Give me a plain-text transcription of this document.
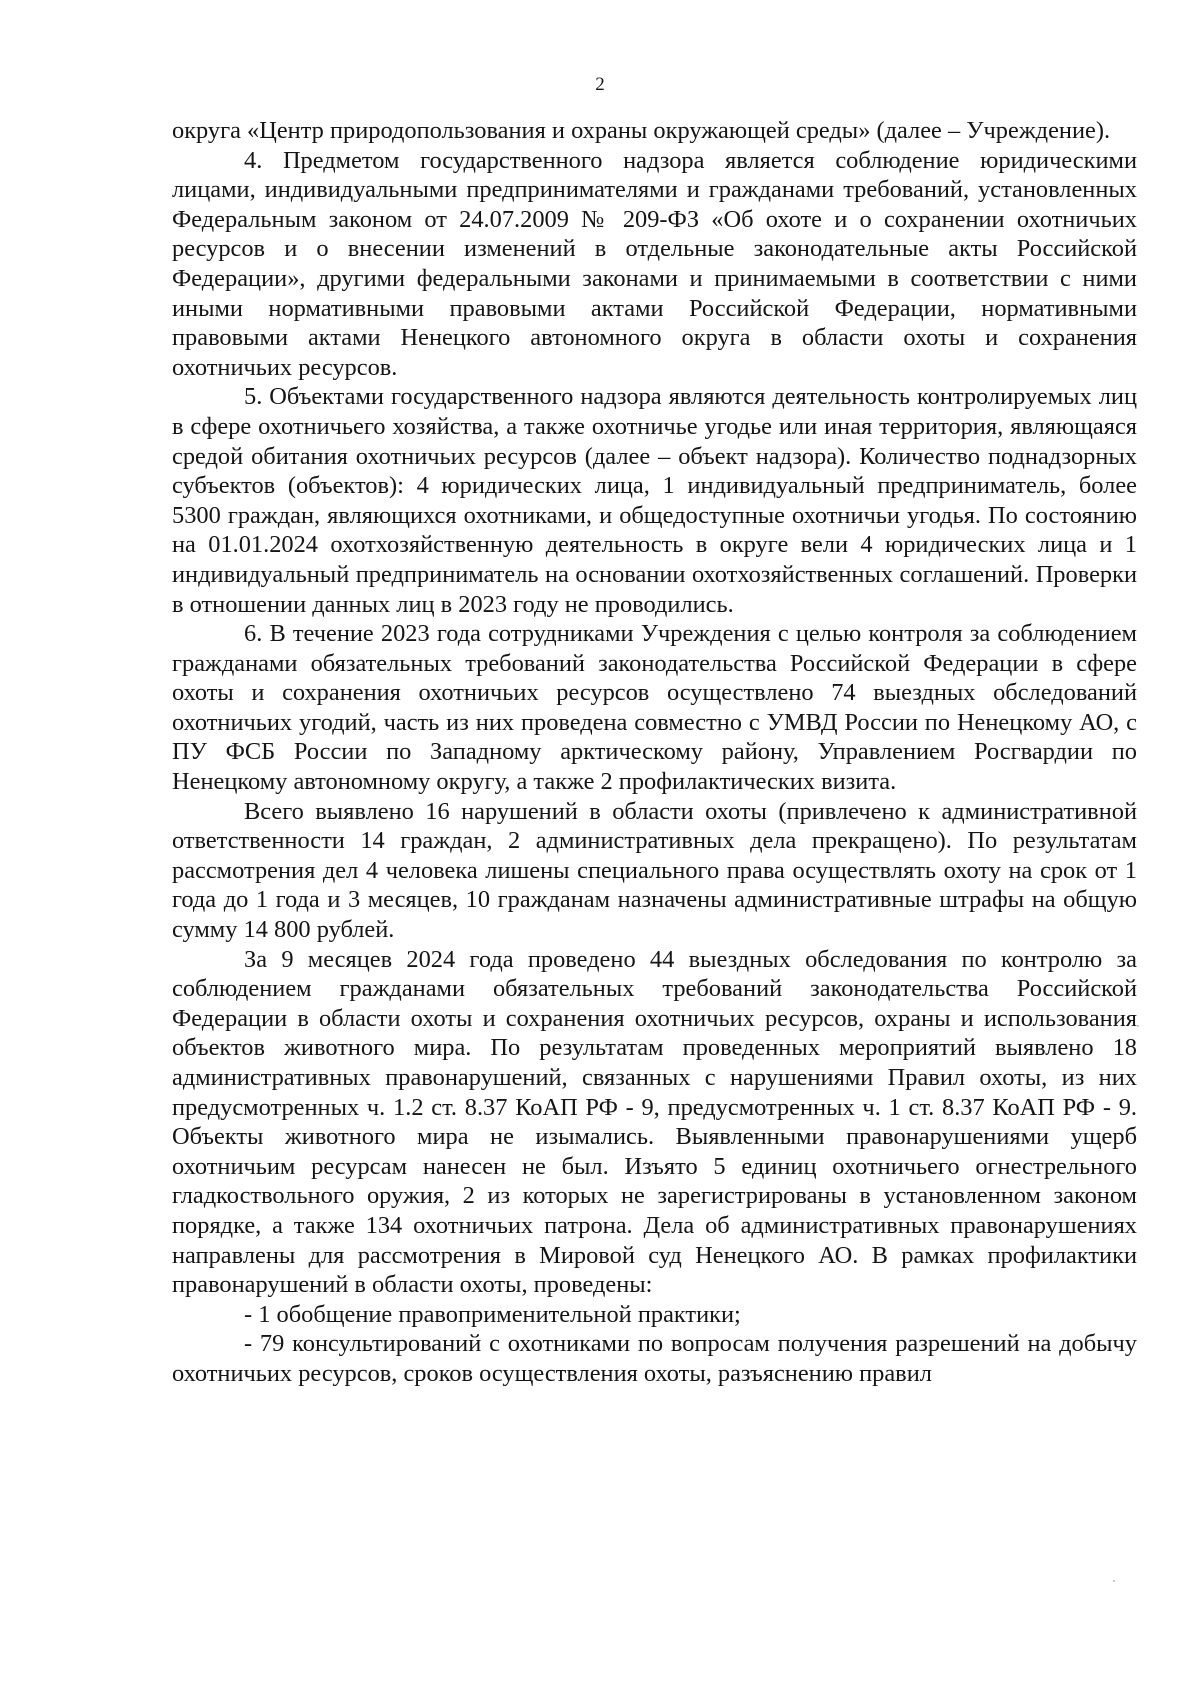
2

округа «Центр природопользования и охраны окружающей среды» (далее – Учреждение).

4. Предметом государственного надзора является соблюдение юридическими лицами, индивидуальными предпринимателями и гражданами требований, установленных Федеральным законом от 24.07.2009 № 209-ФЗ «Об охоте и о сохранении охотничьих ресурсов и о внесении изменений в отдельные законодательные акты Российской Федерации», другими федеральными законами и принимаемыми в соответствии с ними иными нормативными правовыми актами Российской Федерации, нормативными правовыми актами Ненецкого автономного округа в области охоты и сохранения охотничьих ресурсов.

5. Объектами государственного надзора являются деятельность контролируемых лиц в сфере охотничьего хозяйства, а также охотничье угодье или иная территория, являющаяся средой обитания охотничьих ресурсов (далее – объект надзора). Количество поднадзорных субъектов (объектов): 4 юридических лица, 1 индивидуальный предприниматель, более 5300 граждан, являющихся охотниками, и общедоступные охотничьи угодья. По состоянию на 01.01.2024 охотхозяйственную деятельность в округе вели 4 юридических лица и 1 индивидуальный предприниматель на основании охотхозяйственных соглашений. Проверки в отношении данных лиц в 2023 году не проводились.

6. В течение 2023 года сотрудниками Учреждения с целью контроля за соблюдением гражданами обязательных требований законодательства Российской Федерации в сфере охоты и сохранения охотничьих ресурсов осуществлено 74 выездных обследований охотничьих угодий, часть из них проведена совместно с УМВД России по Ненецкому АО, с ПУ ФСБ России по Западному арктическому району, Управлением Росгвардии по Ненецкому автономному округу, а также 2 профилактических визита.

Всего выявлено 16 нарушений в области охоты (привлечено к административной ответственности 14 граждан, 2 административных дела прекращено). По результатам рассмотрения дел 4 человека лишены специального права осуществлять охоту на срок от 1 года до 1 года и 3 месяцев, 10 гражданам назначены административные штрафы на общую сумму 14 800 рублей.

За 9 месяцев 2024 года проведено 44 выездных обследования по контролю за соблюдением гражданами обязательных требований законодательства Российской Федерации в области охоты и сохранения охотничьих ресурсов, охраны и использования объектов животного мира. По результатам проведенных мероприятий выявлено 18 административных правонарушений, связанных с нарушениями Правил охоты, из них предусмотренных ч. 1.2 ст. 8.37 КоАП РФ - 9, предусмотренных ч. 1 ст. 8.37 КоАП РФ - 9. Объекты животного мира не изымались. Выявленными правонарушениями ущерб охотничьим ресурсам нанесен не был. Изъято 5 единиц охотничьего огнестрельного гладкоствольного оружия, 2 из которых не зарегистрированы в установленном законом порядке, а также 134 охотничьих патрона. Дела об административных правонарушениях направлены для рассмотрения в Мировой суд Ненецкого АО. В рамках профилактики правонарушений в области охоты, проведены:

- 1 обобщение правоприменительной практики;

- 79 консультирований с охотниками по вопросам получения разрешений на добычу охотничьих ресурсов, сроков осуществления охоты, разъяснению правил
